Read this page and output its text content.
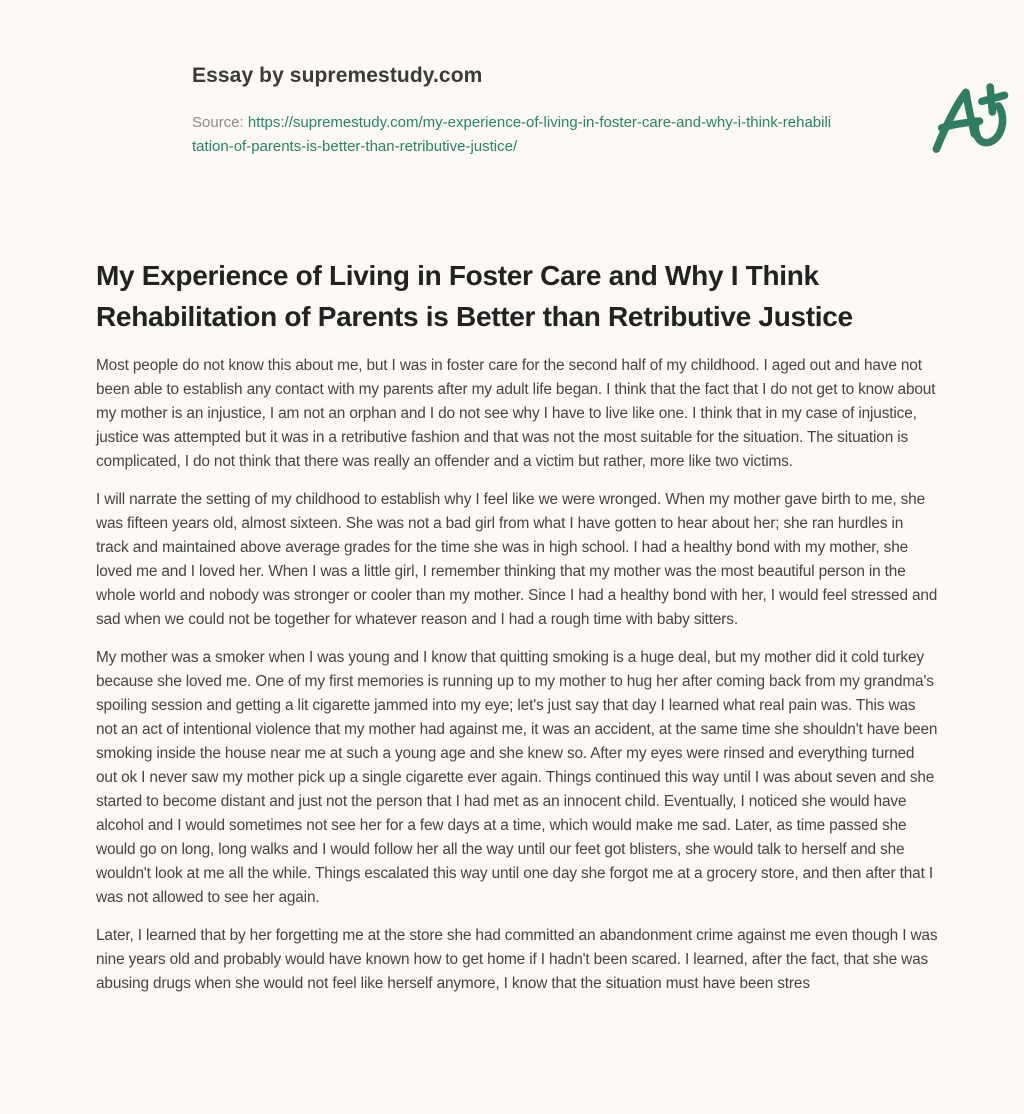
Essay by supremestudy.com
Source: https://supremestudy.com/my-experience-of-living-in-foster-care-and-why-i-think-rehabilitation-of-parents-is-better-than-retributive-justice/
My Experience of Living in Foster Care and Why I Think Rehabilitation of Parents is Better than Retributive Justice

Most people do not know this about me, but I was in foster care for the second half of my childhood. I aged out and have not been able to establish any contact with my parents after my adult life began. I think that the fact that I do not get to know about my mother is an injustice, I am not an orphan and I do not see why I have to live like one. I think that in my case of injustice, justice was attempted but it was in a retributive fashion and that was not the most suitable for the situation. The situation is complicated, I do not think that there was really an offender and a victim but rather, more like two victims.

I will narrate the setting of my childhood to establish why I feel like we were wronged. When my mother gave birth to me, she was fifteen years old, almost sixteen. She was not a bad girl from what I have gotten to hear about her; she ran hurdles in track and maintained above average grades for the time she was in high school. I had a healthy bond with my mother, she loved me and I loved her. When I was a little girl, I remember thinking that my mother was the most beautiful person in the whole world and nobody was stronger or cooler than my mother. Since I had a healthy bond with her, I would feel stressed and sad when we could not be together for whatever reason and I had a rough time with baby sitters.

My mother was a smoker when I was young and I know that quitting smoking is a huge deal, but my mother did it cold turkey because she loved me. One of my first memories is running up to my mother to hug her after coming back from my grandma's spoiling session and getting a lit cigarette jammed into my eye; let's just say that day I learned what real pain was. This was not an act of intentional violence that my mother had against me, it was an accident, at the same time she shouldn't have been smoking inside the house near me at such a young age and she knew so. After my eyes were rinsed and everything turned out ok I never saw my mother pick up a single cigarette ever again. Things continued this way until I was about seven and she started to become distant and just not the person that I had met as an innocent child. Eventually, I noticed she would have alcohol and I would sometimes not see her for a few days at a time, which would make me sad. Later, as time passed she would go on long, long walks and I would follow her all the way until our feet got blisters, she would talk to herself and she wouldn't look at me all the while. Things escalated this way until one day she forgot me at a grocery store, and then after that I was not allowed to see her again.

Later, I learned that by her forgetting me at the store she had committed an abandonment crime against me even though I was nine years old and probably would have known how to get home if I hadn't been scared. I learned, after the fact, that she was abusing drugs when she would not feel like herself anymore, I know that the situation must have been stres
